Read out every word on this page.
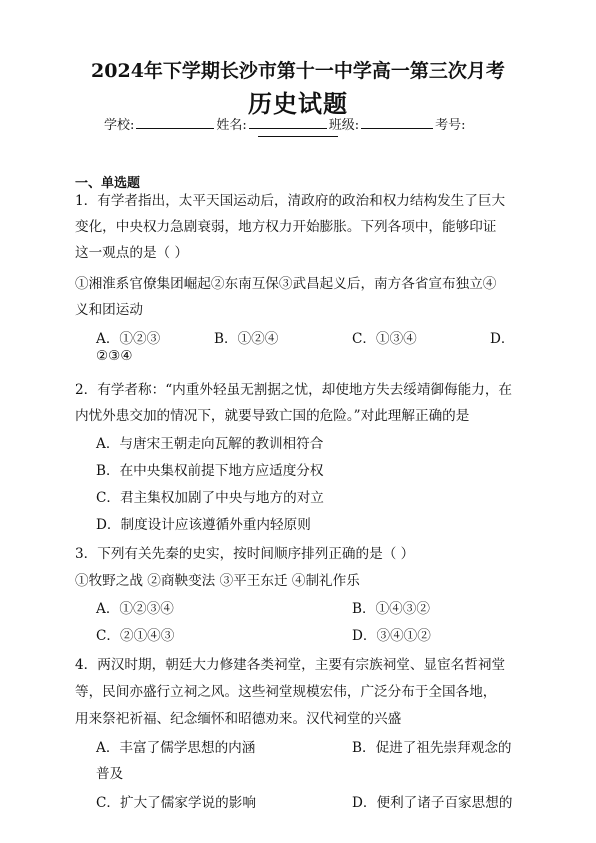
2024年下学期长沙市第十一中学高一第三次月考
历史试题
学校:	姓名:	班级:	考号:
一、单选题
1．有学者指出，太平天国运动后，清政府的政治和权力结构发生了巨大
变化，中央权力急剧衰弱，地方权力开始膨胀。下列各项中，能够印证
这一观点的是（ ）
①湘淮系官僚集团崛起②东南互保③武昌起义后，南方各省宣布独立④
义和团运动
A．①②③	B．①②④	C．①③④	D．
②③④
2．有学者称：“内重外轻虽无割据之忧，却使地方失去绥靖御侮能力，在
内忧外患交加的情况下，就要导致亡国的危险。”对此理解正确的是
A．与唐宋王朝走向瓦解的教训相符合
B．在中央集权前提下地方应适度分权
C．君主集权加剧了中央与地方的对立
D．制度设计应该遵循外重内轻原则
3．下列有关先秦的史实，按时间顺序排列正确的是（ ）
①牧野之战 ②商鞅变法 ③平王东迁 ④制礼作乐
A．①②③④	B．①④③②
C．②①④③	D．③④①②
4．两汉时期，朝廷大力修建各类祠堂，主要有宗族祠堂、显宦名哲祠堂
等，民间亦盛行立祠之风。这些祠堂规模宏伟，广泛分布于全国各地，
用来祭祀祈福、纪念缅怀和昭德劝来。汉代祠堂的兴盛
A．丰富了儒学思想的内涵	B．促进了祖先崇拜观念的
普及
C．扩大了儒家学说的影响	D．便利了诸子百家思想的
